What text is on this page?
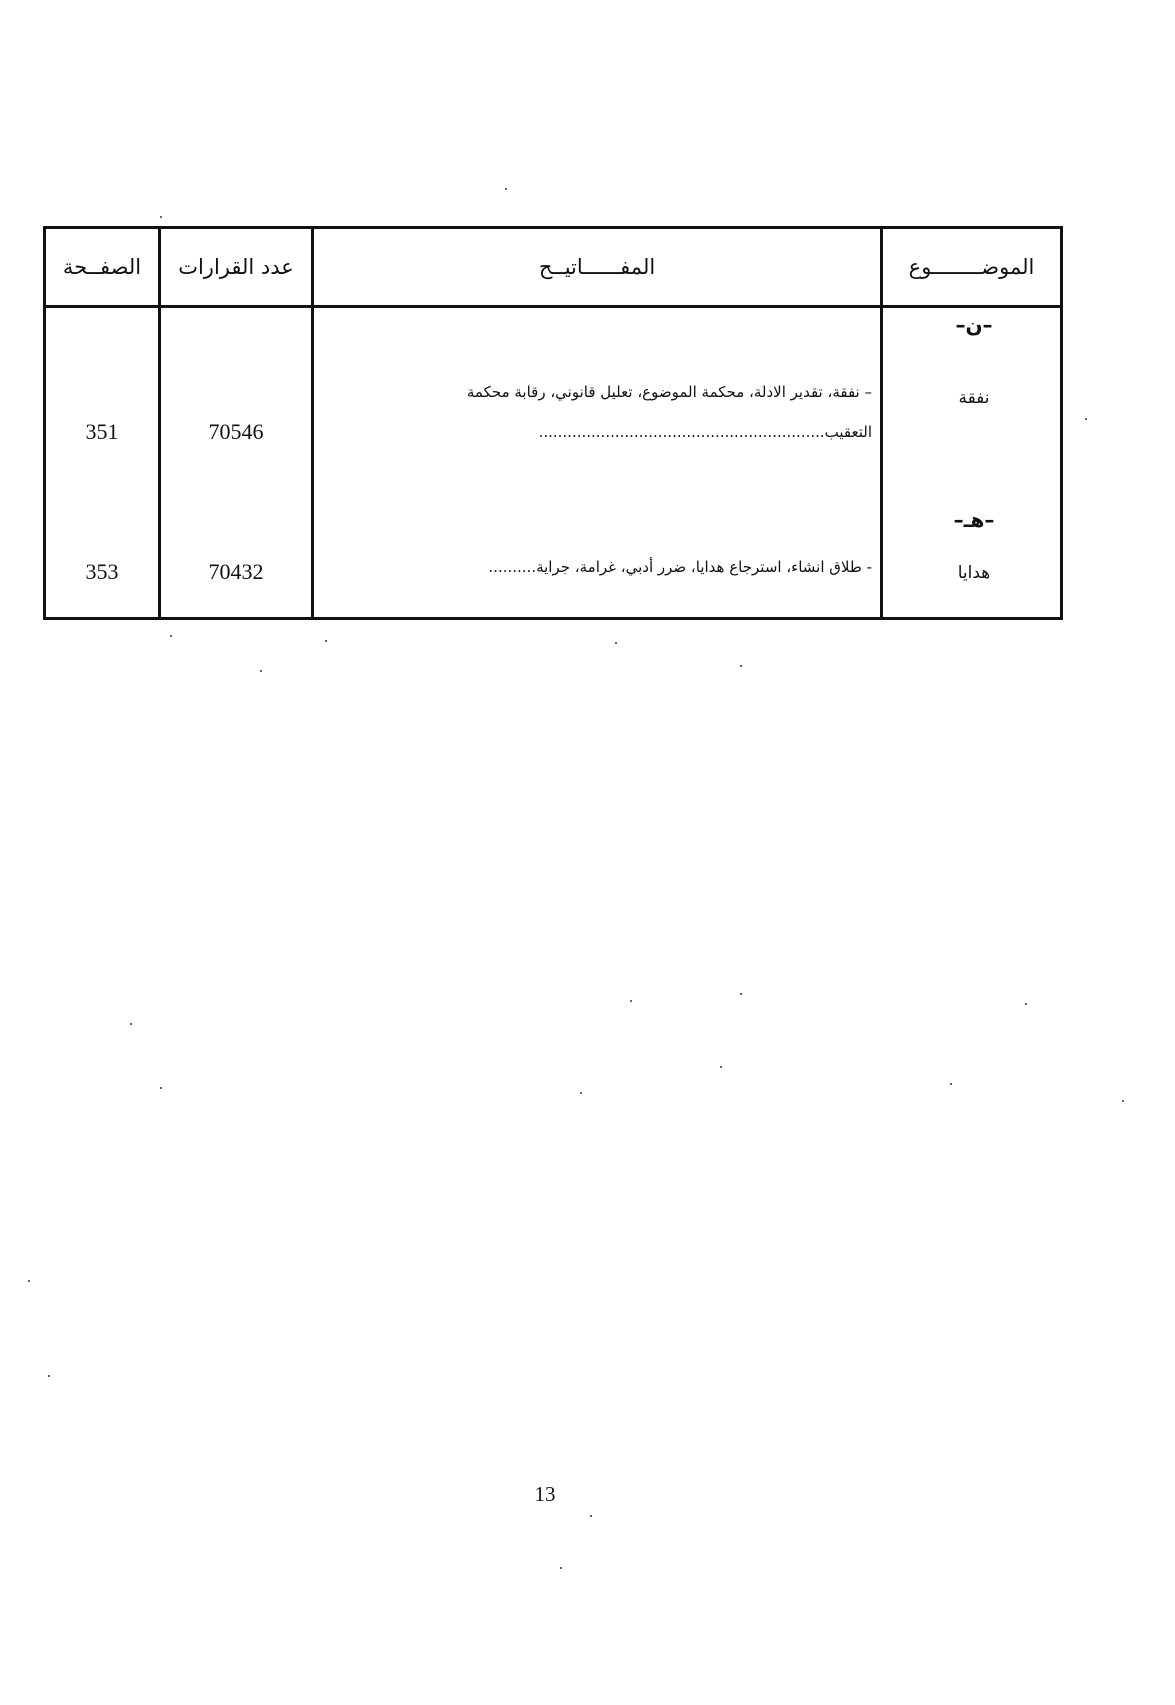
الموضــــــــوع
المفــــــاتيــح
عدد القرارات
الصفــحة
–ن–
نفقة
– نفقة، تقدير الادلة، محكمة الموضوع، تعليل قانوني، رقابة محكمة
التعقيب............................................................
70546
351
–هـ–
هدايا
- طلاق انشاء، استرجاع هدايا، ضرر أدبي، غرامة، جراية..........
70432
353
13
